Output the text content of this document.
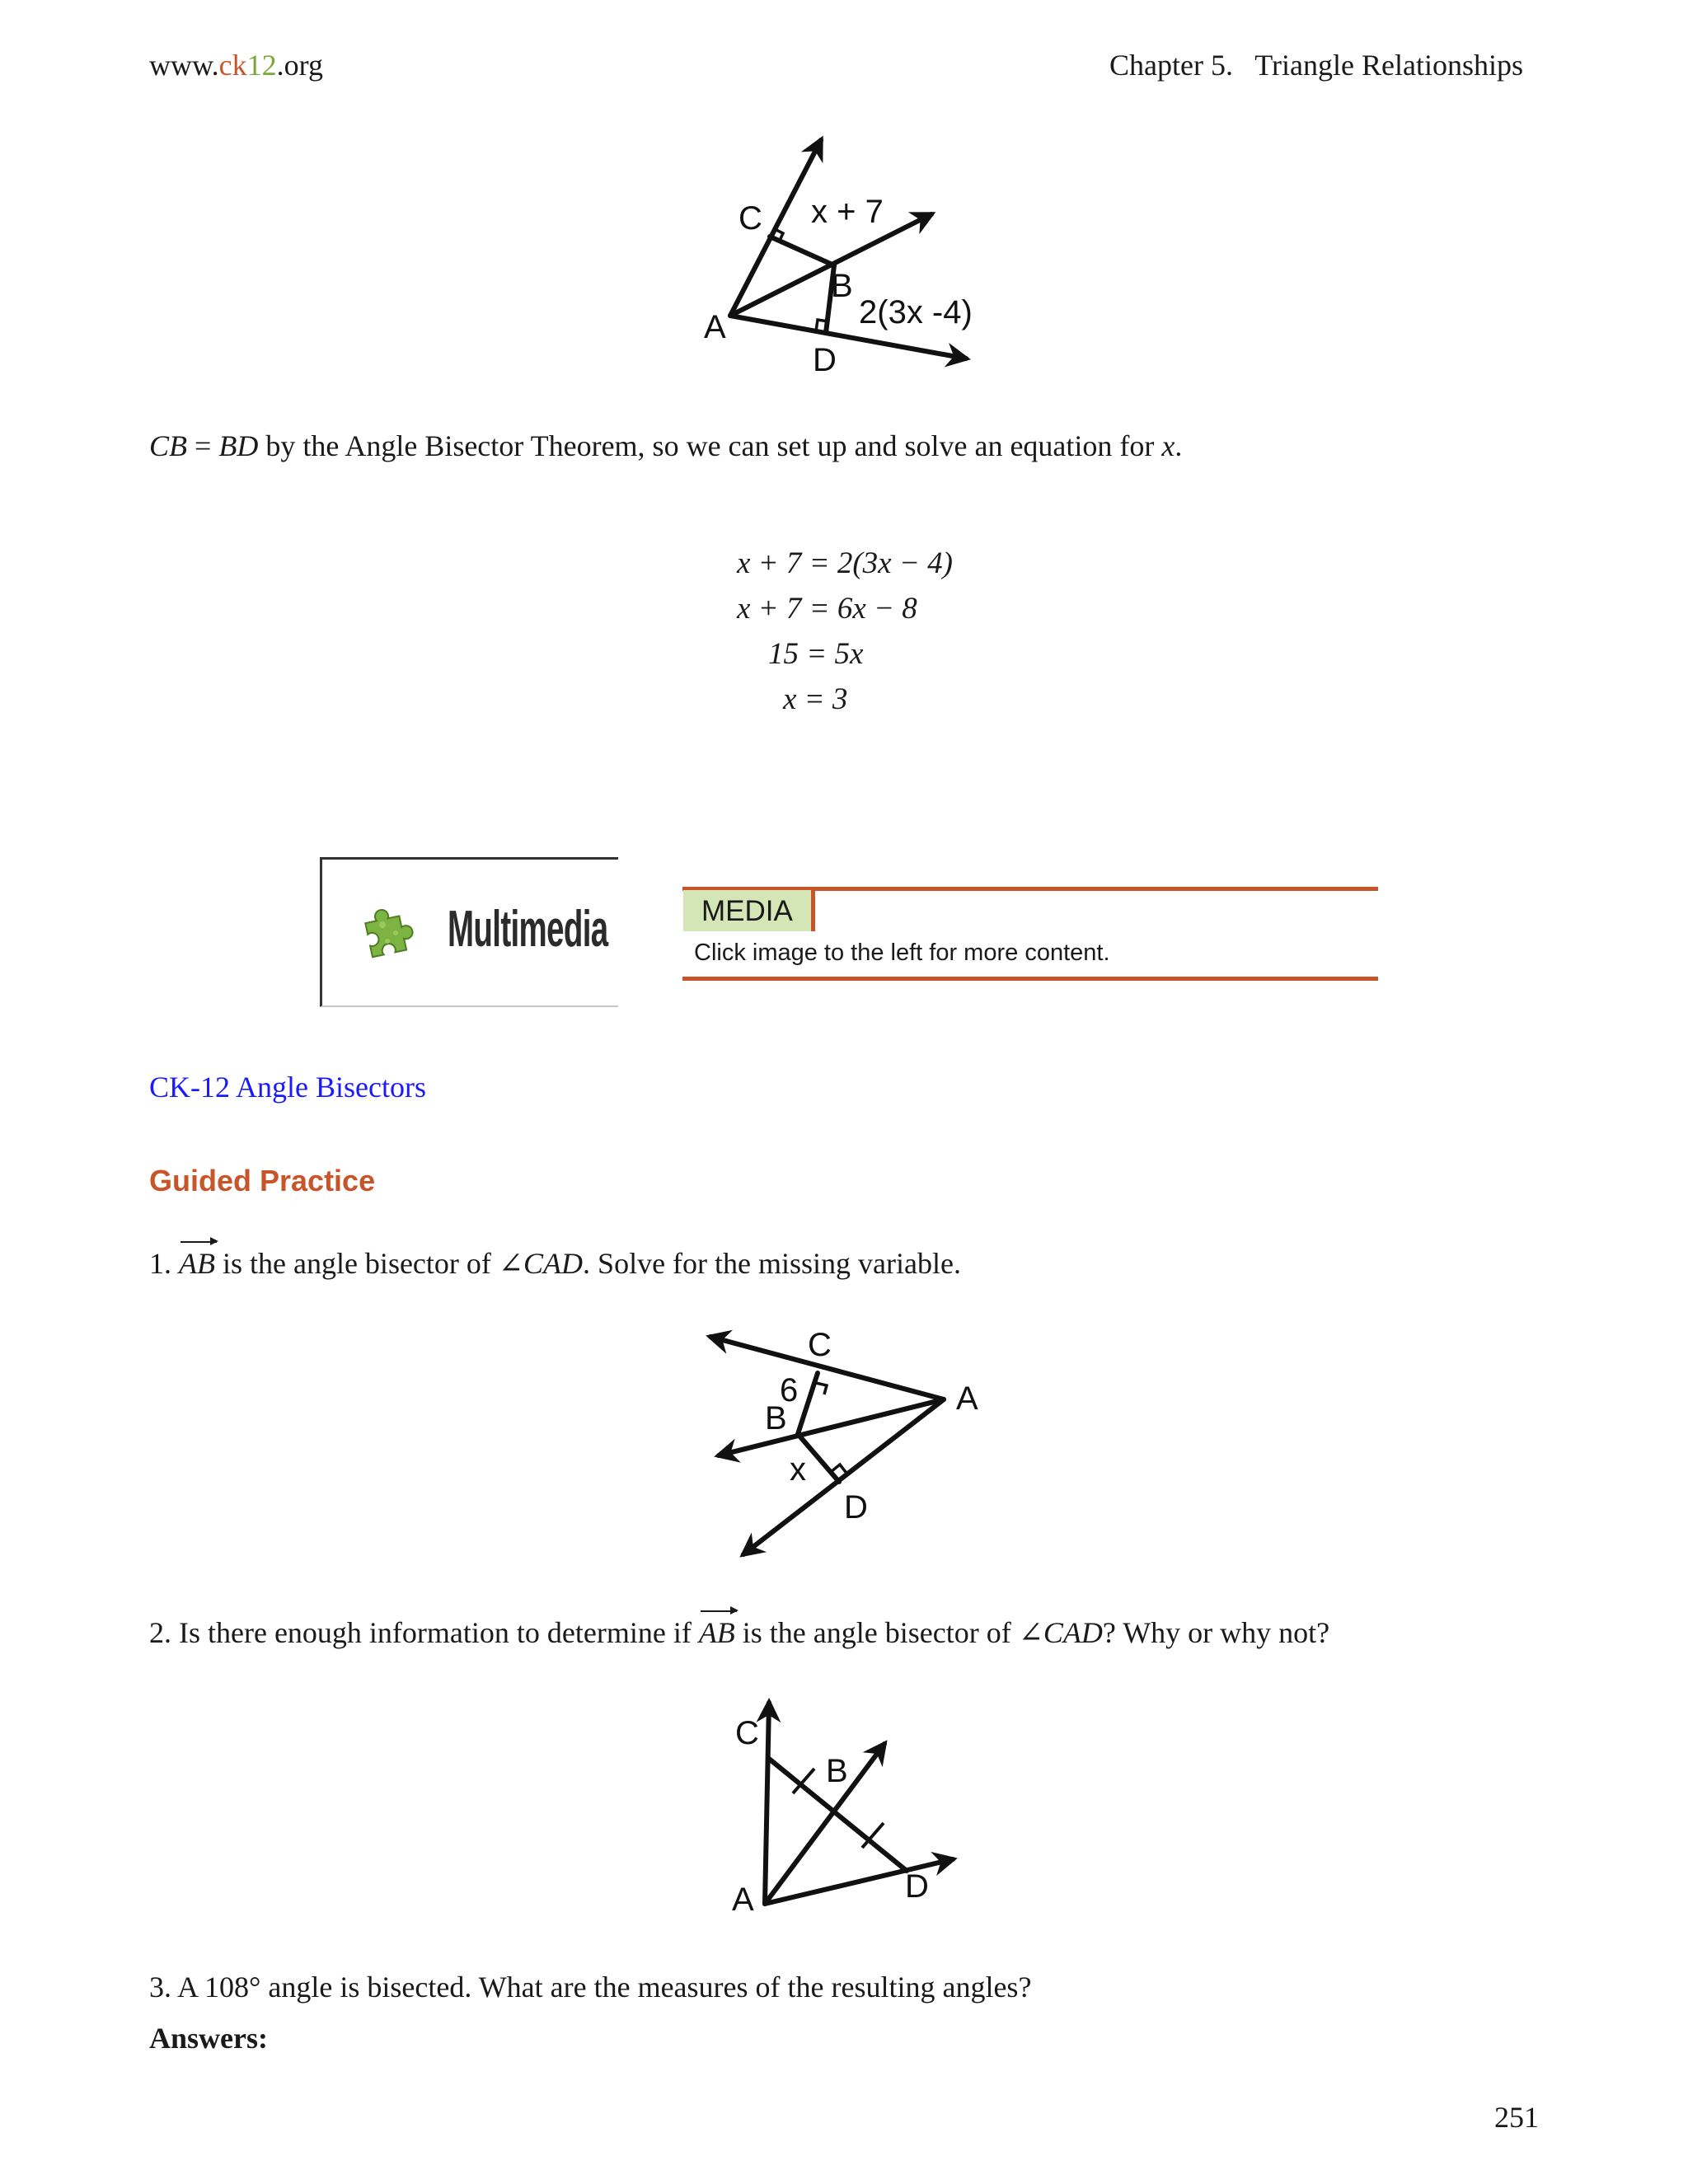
www.ck12.org	Chapter 5.   Triangle Relationships
C x + 7
B
2(3x -4)
A
D
CB = BD by the Angle Bisector Theorem, so we can set up and solve an equation for x.
x + 7 = 2(3x − 4)
x + 7 = 6x − 8
15 = 5x
x = 3
Multimedia	MEDIA
Click image to the left for more content.
CK-12 Angle Bisectors
Guided Practice
1. AB is the angle bisector of ∠CAD. Solve for the missing variable.
C
6	A
B
x
D
2. Is there enough information to determine if AB is the angle bisector of ∠CAD? Why or why not?
C
B
A	D
3. A 108° angle is bisected. What are the measures of the resulting angles?
Answers:
251
